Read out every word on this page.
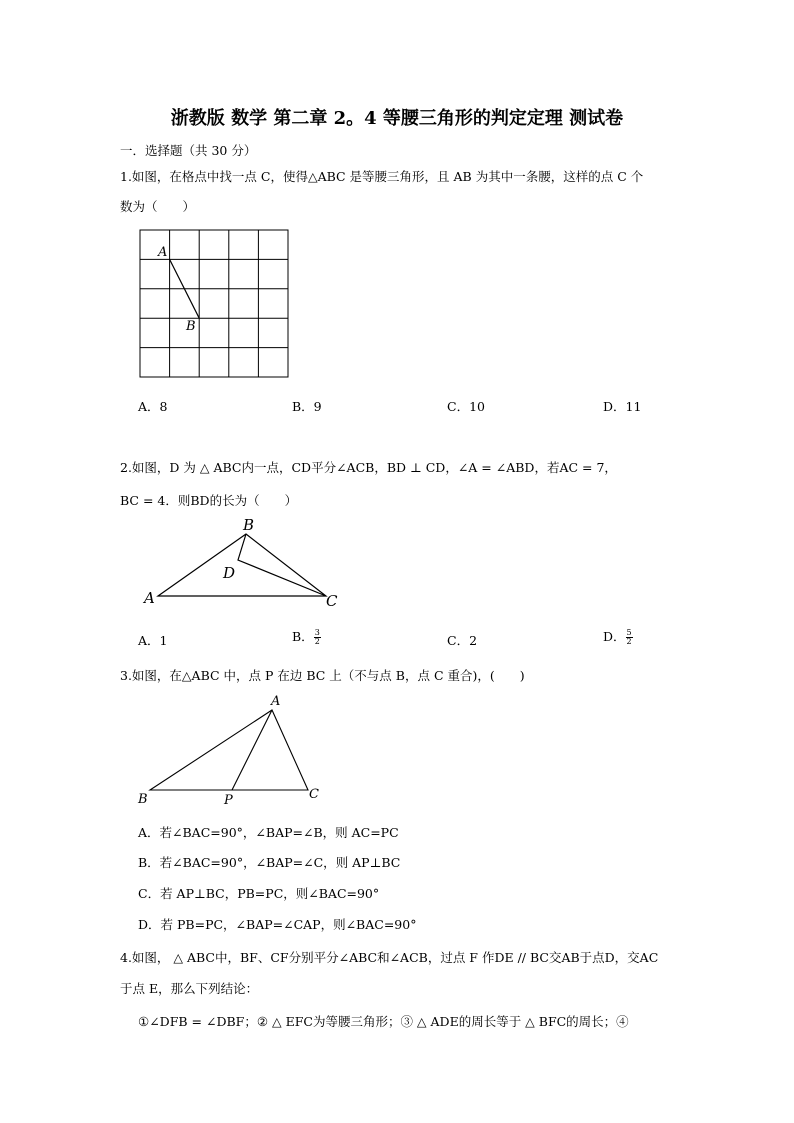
浙教版 数学 第二章 2。4 等腰三角形的判定定理 测试卷
一．选择题（共 30 分）
1.如图，在格点中找一点 C，使得△ABC 是等腰三角形，且 AB 为其中一条腰，这样的点 C 个
数为（　　）
A
B
A．8	B．9	C．10	D．11
2.如图，D 为 △ ABC内一点，CD平分∠ACB，BD ⊥ CD，∠A = ∠ABD，若AC = 7，
BC = 4．则BD的长为（　　）
A
B
C
D
A．1	B． $\frac{3}{2}$	C．2	D． $\frac{5}{2}$
3.如图，在△ABC 中，点 P 在边 BC 上（不与点 B，点 C 重合)，(　　)
A
B	C
P
A．若∠BAC=90°，∠BAP=∠B，则 AC=PC
B．若∠BAC=90°，∠BAP=∠C，则 AP⊥BC
C．若 AP⊥BC，PB=PC，则∠BAC=90°
D．若 PB=PC，∠BAP=∠CAP，则∠BAC=90°
4.如图， △ ABC中，BF、CF分别平分∠ABC和∠ACB，过点 F 作DE // BC交AB于点D，交AC
于点 E，那么下列结论：
①∠DFB = ∠DBF；② △ EFC为等腰三角形；③ △ ADE的周长等于 △ BFC的周长；④
